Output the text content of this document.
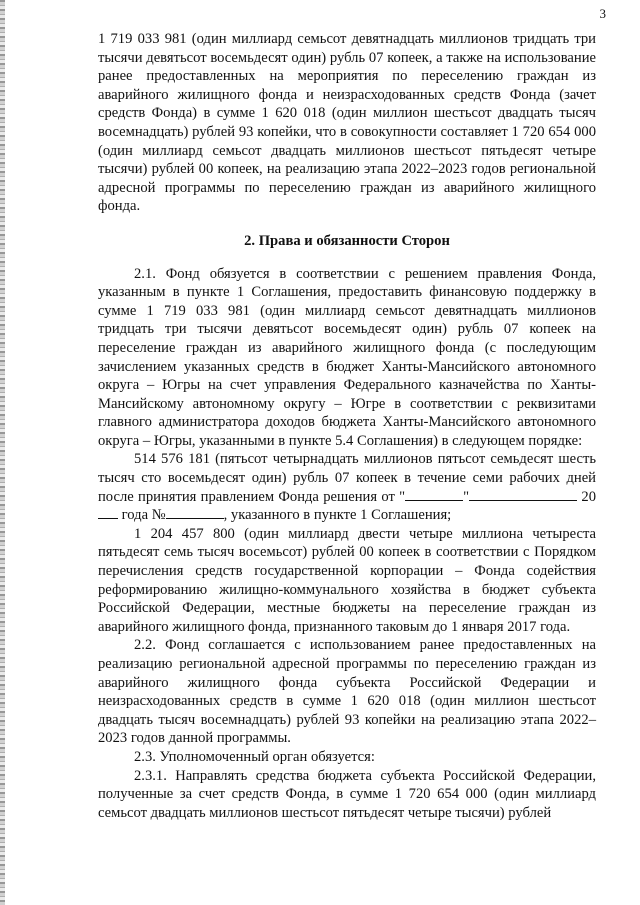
3

1 719 033 981 (один миллиард семьсот девятнадцать миллионов тридцать три тысячи девятьсот восемьдесят один) рубль 07 копеек, а также на использование ранее предоставленных на мероприятия по переселению граждан из аварийного жилищного фонда и неизрасходованных средств Фонда (зачет средств Фонда) в сумме 1 620 018 (один миллион шестьсот двадцать тысяч восемнадцать) рублей 93 копейки, что в совокупности составляет 1 720 654 000 (один миллиард семьсот двадцать миллионов шестьсот пятьдесят четыре тысячи) рублей 00 копеек, на реализацию этапа 2022–2023 годов региональной адресной программы по переселению граждан из аварийного жилищного фонда.

2. Права и обязанности Сторон

2.1. Фонд обязуется в соответствии с решением правления Фонда, указанным в пункте 1 Соглашения, предоставить финансовую поддержку в сумме 1 719 033 981 (один миллиард семьсот девятнадцать миллионов тридцать три тысячи девятьсот восемьдесят один) рубль 07 копеек на переселение граждан из аварийного жилищного фонда (с последующим зачислением указанных средств в бюджет Ханты-Мансийского автономного округа – Югры на счет управления Федерального казначейства по Ханты-Мансийскому автономному округу – Югре в соответствии с реквизитами главного администратора доходов бюджета Ханты-Мансийского автономного округа – Югры, указанными в пункте 5.4 Соглашения) в следующем порядке:

514 576 181 (пятьсот четырнадцать миллионов пятьсот семьдесят шесть тысяч сто восемьдесят один) рубль 07 копеек в течение семи рабочих дней после принятия правлением Фонда решения от "	"	20 года №	, указанного в пункте 1 Соглашения;

1 204 457 800 (один миллиард двести четыре миллиона четыреста пятьдесят семь тысяч восемьсот) рублей 00 копеек в соответствии с Порядком перечисления средств государственной корпорации – Фонда содействия реформированию жилищно-коммунального хозяйства в бюджет субъекта Российской Федерации, местные бюджеты на переселение граждан из аварийного жилищного фонда, признанного таковым до 1 января 2017 года.

2.2. Фонд соглашается с использованием ранее предоставленных на реализацию региональной адресной программы по переселению граждан из аварийного жилищного фонда субъекта Российской Федерации и неизрасходованных средств в сумме 1 620 018 (один миллион шестьсот двадцать тысяч восемнадцать) рублей 93 копейки на реализацию этапа 2022–2023 годов данной программы.

2.3. Уполномоченный орган обязуется:

2.3.1. Направлять средства бюджета субъекта Российской Федерации, полученные за счет средств Фонда, в сумме 1 720 654 000 (один миллиард семьсот двадцать миллионов шестьсот пятьдесят четыре тысячи) рублей
